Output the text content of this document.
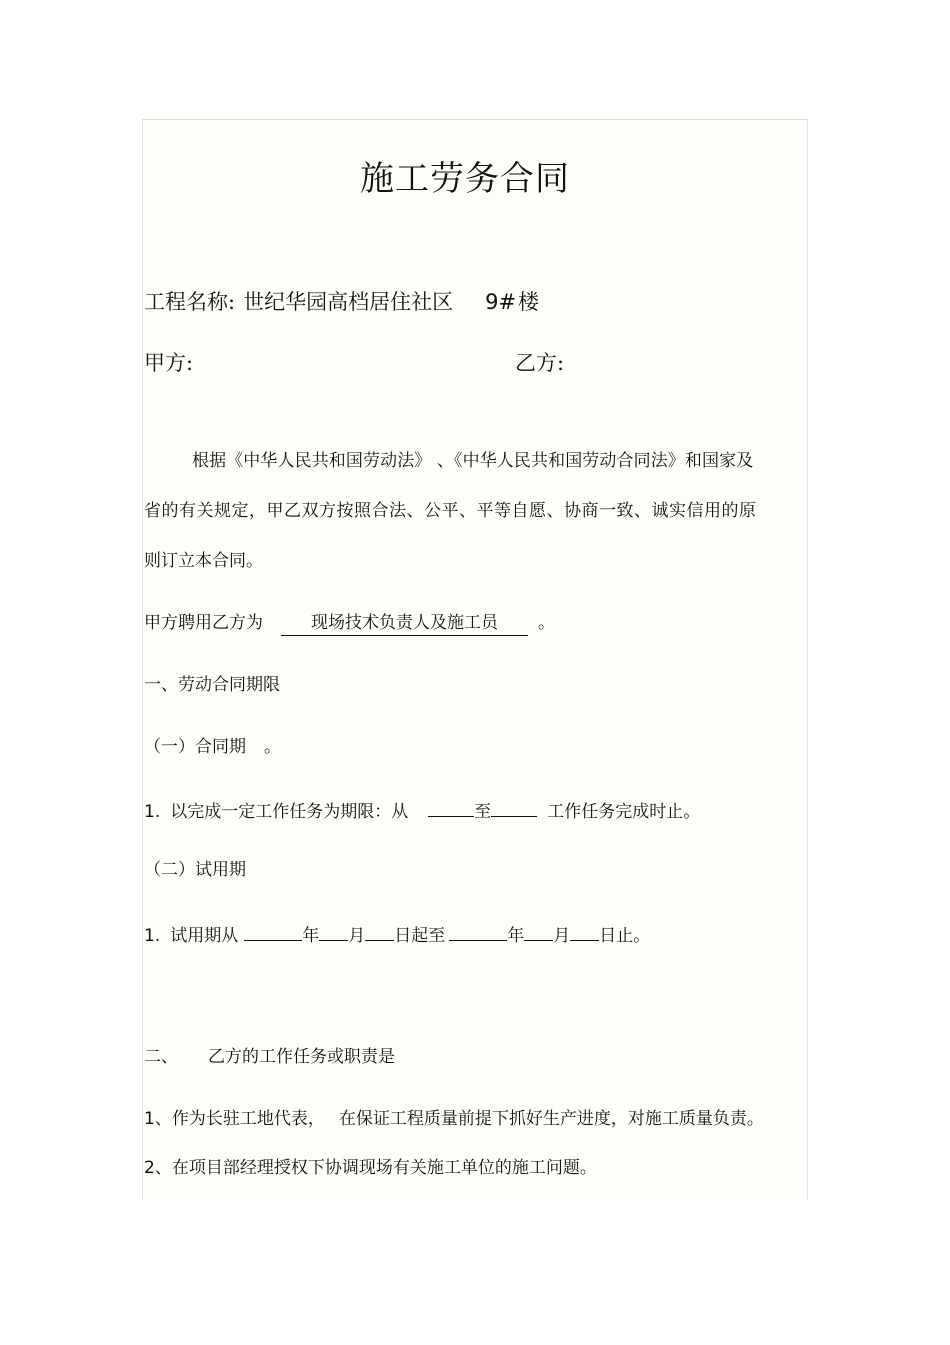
施工劳务合同
工程名称: 世纪华园高档居住社区 9#楼
甲方:	乙方:
根据《中华人民共和国劳动法》 、《中华人民共和国劳动合同法》和国家及
省的有关规定，甲乙双方按照合法、公平、平等自愿、协商一致、诚实信用的原
则订立本合同。
甲方聘用乙方为	现场技术负责人及施工员 。
一、劳动合同期限
（一）合同期 。
1. 以完成一定工作任务为期限：从	至	工作任务完成时止。
（二）试用期
1. 试用期从	年 月 日起至	年 月 日止。
二、 乙方的工作任务或职责是
1、作为长驻工地代表， 在保证工程质量前提下抓好生产进度，对施工质量负责。
2、在项目部经理授权下协调现场有关施工单位的施工问题。
